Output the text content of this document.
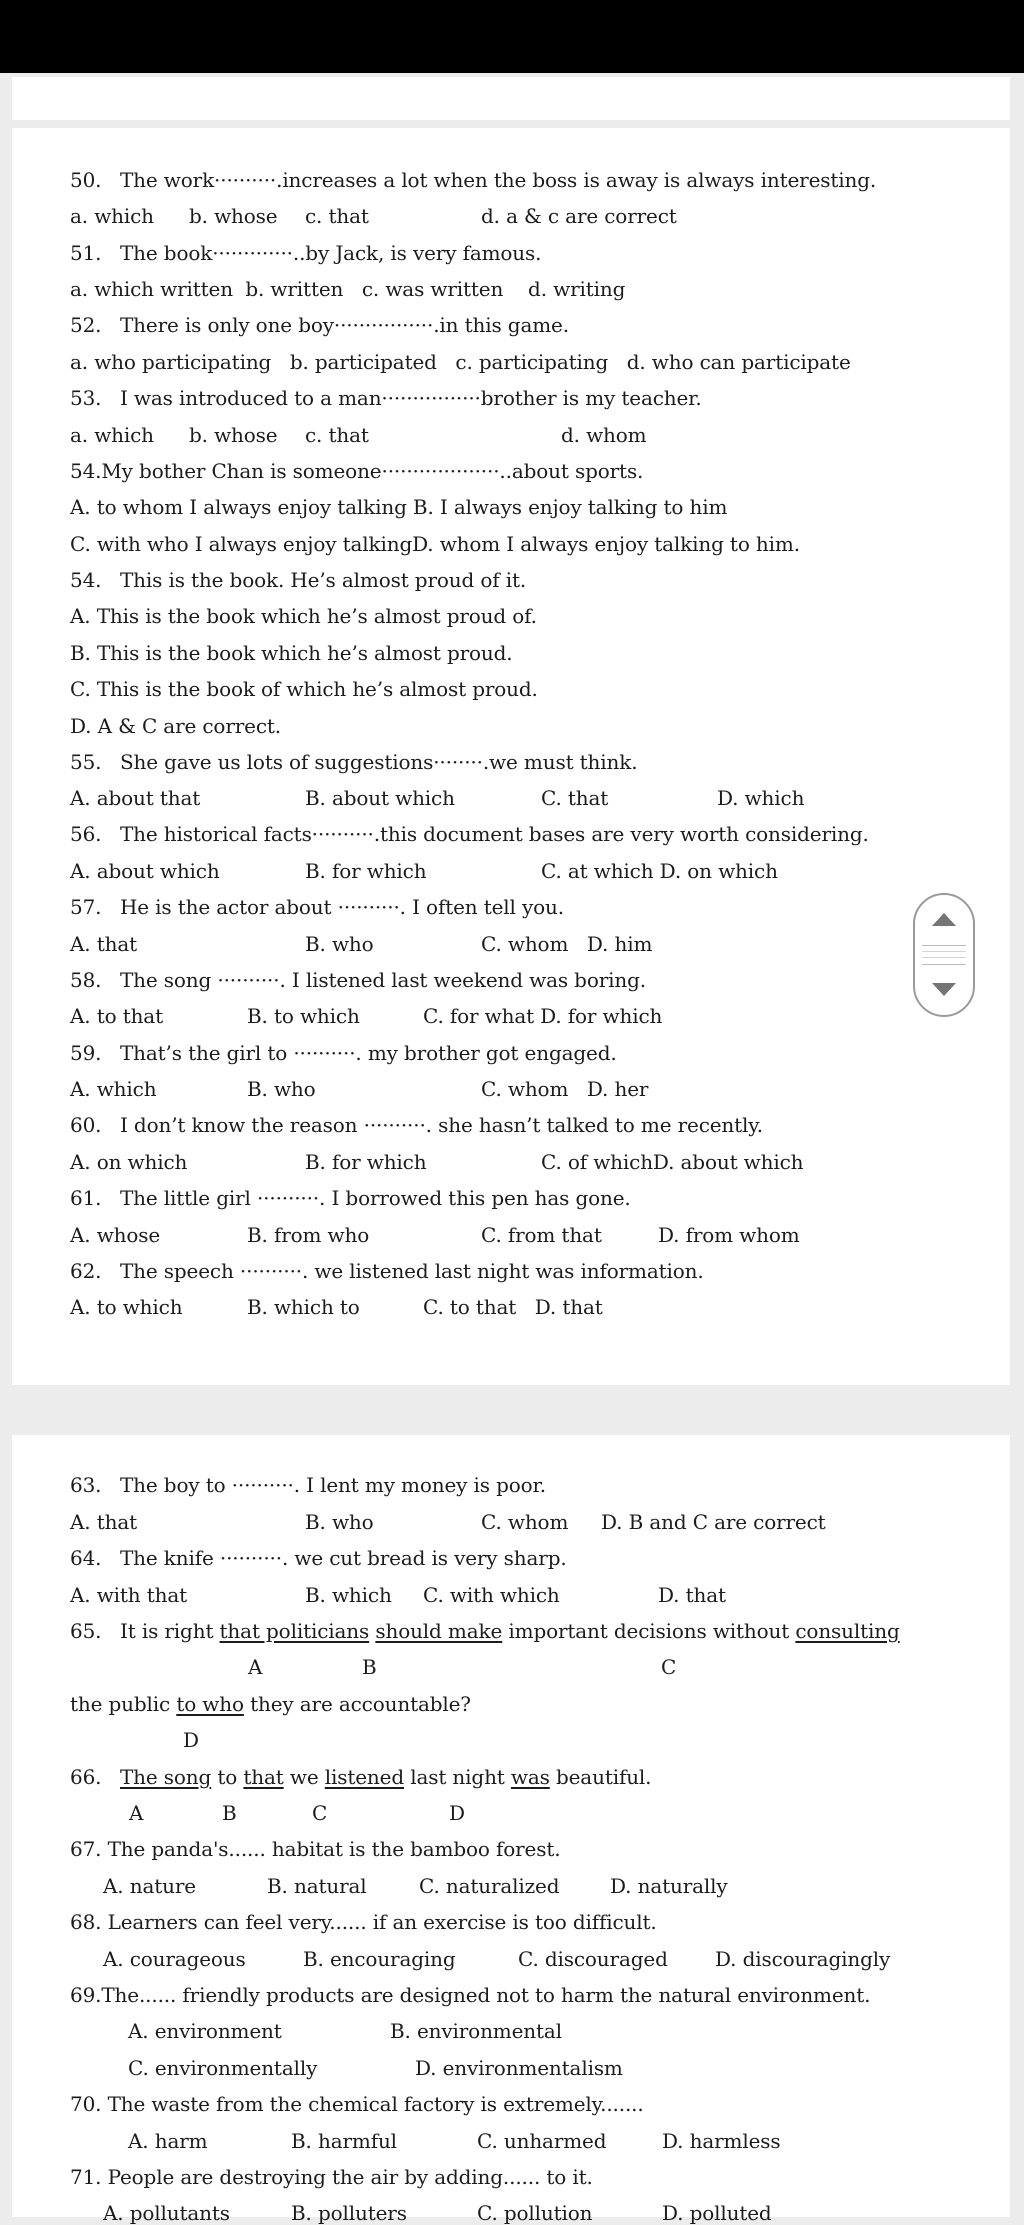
50.   The work··········.increases a lot when the boss is away is always interesting.
a. which b. whose c. that	d. a & c are correct
51.   The book·············..by Jack, is very famous.
a. which written  b. written   c. was written    d. writing
52.   There is only one boy················.in this game.
a. who participating   b. participated   c. participating   d. who can participate
53.   I was introduced to a man················brother is my teacher.
a. which b. whose c. that	d. whom
54.My bother Chan is someone···················..about sports.
A. to whom I always enjoy talking B. I always enjoy talking to him
C. with who I always enjoy talkingD. whom I always enjoy talking to him.
54.   This is the book. He’s almost proud of it.
A. This is the book which he’s almost proud of.
B. This is the book which he’s almost proud.
C. This is the book of which he’s almost proud.
D. A & C are correct.
55.   She gave us lots of suggestions········.we must think.
A. about that	B. about which	C. that	D. which
56.   The historical facts··········.this document bases are very worth considering.
A. about which	B. for which	C. at which D. on which
57.   He is the actor about ··········. I often tell you.
A. that	B. who	C. whom   D. him
58.   The song ··········. I listened last weekend was boring.
A. to that	B. to which	C. for what D. for which
59.   That’s the girl to ··········. my brother got engaged.
A. which	B. who	C. whom   D. her
60.   I don’t know the reason ··········. she hasn’t talked to me recently.
A. on which	B. for which	C. of whichD. about which
61.   The little girl ··········. I borrowed this pen has gone.
A. whose	B. from who	C. from that	D. from whom
62.   The speech ··········. we listened last night was information.
A. to which	B. which to	C. to that   D. that
63.   The boy to ··········. I lent my money is poor.
A. that	B. who	C. whom D. B and C are correct
64.   The knife ··········. we cut bread is very sharp.
A. with that	B. which C. with which	D. that
65. It is right that politicians should make important decisions without consulting
A	B	C
the public to who they are accountable?
D
66. The song to that we listened last night was beautiful.
A	B	C	D
67. The panda's...... habitat is the bamboo forest.
A. nature	B. natural	C. naturalized	D. naturally
68. Learners can feel very...... if an exercise is too difficult.
A. courageous	B. encouraging	C. discouraged D. discouragingly
69.The...... friendly products are designed not to harm the natural environment.
A. environment	B. environmental
C. environmentally	D. environmentalism
70. The waste from the chemical factory is extremely.......
A. harm	B. harmful	C. unharmed	D. harmless
71. People are destroying the air by adding...... to it.
A. pollutants	B. polluters	C. pollution	D. polluted
